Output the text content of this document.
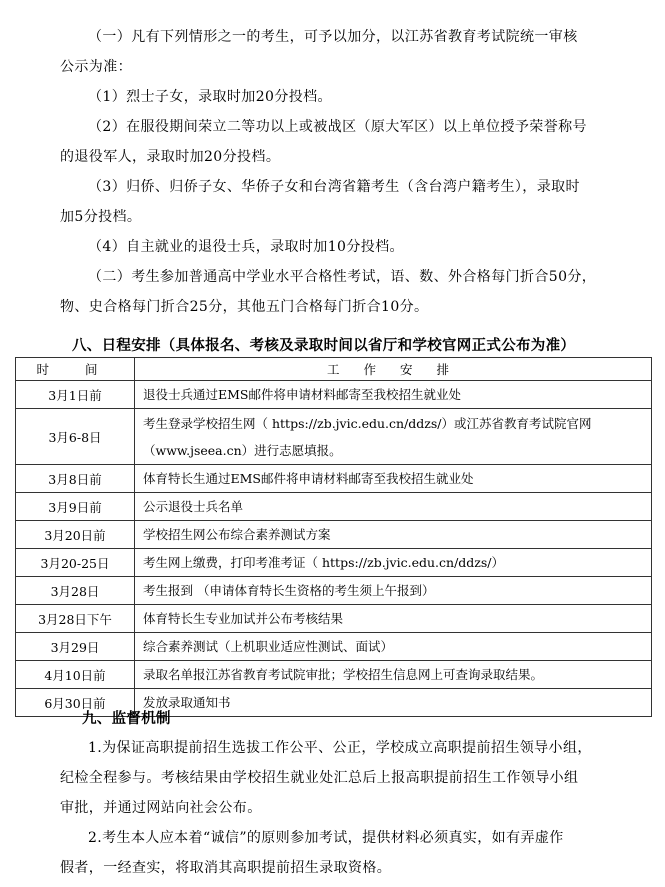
（一）凡有下列情形之一的考生，可予以加分，以江苏省教育考试院统一审核
公示为准：
（1）烈士子女，录取时加20分投档。
（2）在服役期间荣立二等功以上或被战区（原大军区）以上单位授予荣誉称号
的退役军人，录取时加20分投档。
（3）归侨、归侨子女、华侨子女和台湾省籍考生（含台湾户籍考生），录取时
加5分投档。
（4）自主就业的退役士兵，录取时加10分投档。
（二）考生参加普通高中学业水平合格性考试，语、数、外合格每门折合50分，
物、史合格每门折合25分，其他五门合格每门折合10分。
八、日程安排（具体报名、考核及录取时间以省厅和学校官网正式公布为准）
时 间	工 作 安 排
3月1日前	退役士兵通过EMS邮件将申请材料邮寄至我校招生就业处

3月6-8日	考生登录学校招生网（ https://zb.jvic.edu.cn/ddzs/）或江苏省教育考试院官网
（www.jseea.cn）进行志愿填报。

3月8日前	体育特长生通过EMS邮件将申请材料邮寄至我校招生就业处

3月9日前	公示退役士兵名单

3月20日前	学校招生网公布综合素养测试方案

3月20-25日	考生网上缴费，打印考准考证（ https://zb.jvic.edu.cn/ddzs/）

3月28日	考生报到 （申请体育特长生资格的考生须上午报到）

3月28日下午	体育特长生专业加试并公布考核结果

3月29日	综合素养测试（上机职业适应性测试、面试）

4月10日前	录取名单报江苏省教育考试院审批；学校招生信息网上可查询录取结果。

6月30日前	发放录取通知书
九、监督机制
1.为保证高职提前招生选拔工作公平、公正，学校成立高职提前招生领导小组，
纪检全程参与。考核结果由学校招生就业处汇总后上报高职提前招生工作领导小组
审批，并通过网站向社会公布。
2.考生本人应本着“诚信”的原则参加考试，提供材料必须真实，如有弄虚作
假者，一经查实，将取消其高职提前招生录取资格。
